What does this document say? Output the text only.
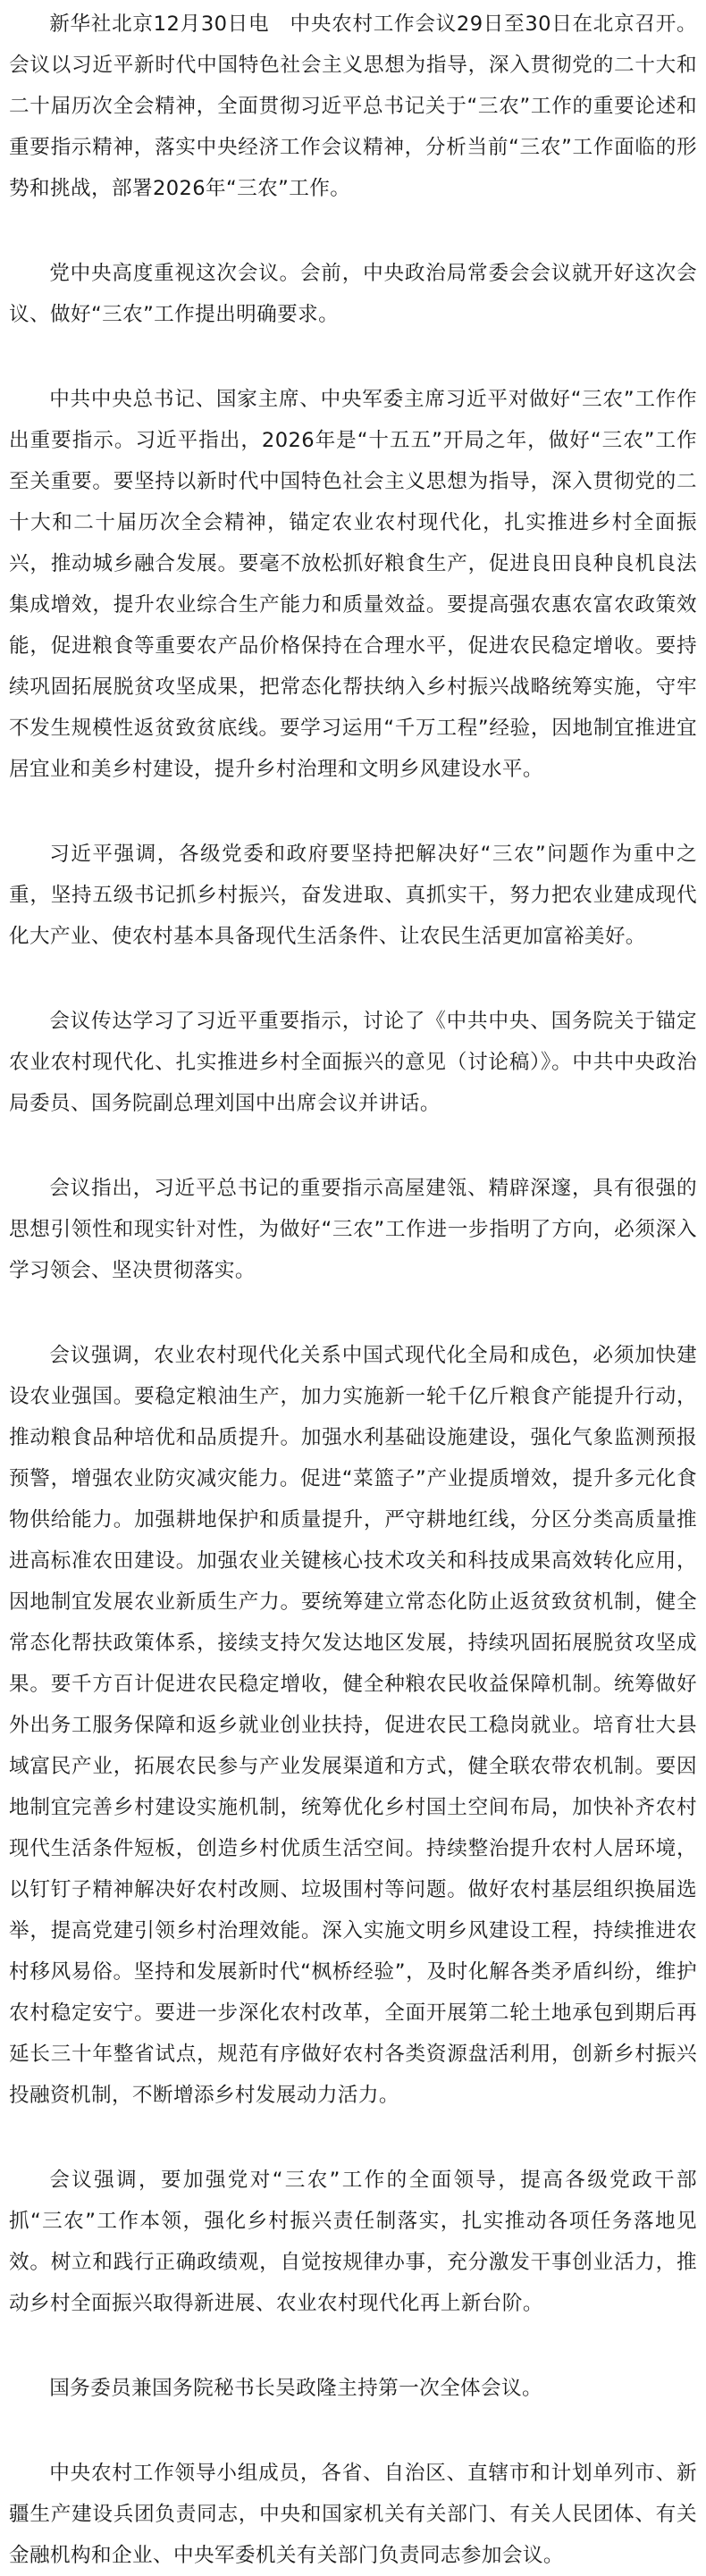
新华社北京12月30日电　中央农村工作会议29日至30日在北京召开。会议以习近平新时代中国特色社会主义思想为指导，深入贯彻党的二十大和二十届历次全会精神，全面贯彻习近平总书记关于“三农”工作的重要论述和重要指示精神，落实中央经济工作会议精神，分析当前“三农”工作面临的形势和挑战，部署2026年“三农”工作。

党中央高度重视这次会议。会前，中央政治局常委会会议就开好这次会议、做好“三农”工作提出明确要求。

中共中央总书记、国家主席、中央军委主席习近平对做好“三农”工作作出重要指示。习近平指出，2026年是“十五五”开局之年，做好“三农”工作至关重要。要坚持以新时代中国特色社会主义思想为指导，深入贯彻党的二十大和二十届历次全会精神，锚定农业农村现代化，扎实推进乡村全面振兴，推动城乡融合发展。要毫不放松抓好粮食生产，促进良田良种良机良法集成增效，提升农业综合生产能力和质量效益。要提高强农惠农富农政策效能，促进粮食等重要农产品价格保持在合理水平，促进农民稳定增收。要持续巩固拓展脱贫攻坚成果，把常态化帮扶纳入乡村振兴战略统筹实施，守牢不发生规模性返贫致贫底线。要学习运用“千万工程”经验，因地制宜推进宜居宜业和美乡村建设，提升乡村治理和文明乡风建设水平。

习近平强调，各级党委和政府要坚持把解决好“三农”问题作为重中之重，坚持五级书记抓乡村振兴，奋发进取、真抓实干，努力把农业建成现代化大产业、使农村基本具备现代生活条件、让农民生活更加富裕美好。

会议传达学习了习近平重要指示，讨论了《中共中央、国务院关于锚定农业农村现代化、扎实推进乡村全面振兴的意见（讨论稿）》。中共中央政治局委员、国务院副总理刘国中出席会议并讲话。

会议指出，习近平总书记的重要指示高屋建瓴、精辟深邃，具有很强的思想引领性和现实针对性，为做好“三农”工作进一步指明了方向，必须深入学习领会、坚决贯彻落实。

会议强调，农业农村现代化关系中国式现代化全局和成色，必须加快建设农业强国。要稳定粮油生产，加力实施新一轮千亿斤粮食产能提升行动，推动粮食品种培优和品质提升。加强水利基础设施建设，强化气象监测预报预警，增强农业防灾减灾能力。促进“菜篮子”产业提质增效，提升多元化食物供给能力。加强耕地保护和质量提升，严守耕地红线，分区分类高质量推进高标准农田建设。加强农业关键核心技术攻关和科技成果高效转化应用，因地制宜发展农业新质生产力。要统筹建立常态化防止返贫致贫机制，健全常态化帮扶政策体系，接续支持欠发达地区发展，持续巩固拓展脱贫攻坚成果。要千方百计促进农民稳定增收，健全种粮农民收益保障机制。统筹做好外出务工服务保障和返乡就业创业扶持，促进农民工稳岗就业。培育壮大县域富民产业，拓展农民参与产业发展渠道和方式，健全联农带农机制。要因地制宜完善乡村建设实施机制，统筹优化乡村国土空间布局，加快补齐农村现代生活条件短板，创造乡村优质生活空间。持续整治提升农村人居环境，以钉钉子精神解决好农村改厕、垃圾围村等问题。做好农村基层组织换届选举，提高党建引领乡村治理效能。深入实施文明乡风建设工程，持续推进农村移风易俗。坚持和发展新时代“枫桥经验”，及时化解各类矛盾纠纷，维护农村稳定安宁。要进一步深化农村改革，全面开展第二轮土地承包到期后再延长三十年整省试点，规范有序做好农村各类资源盘活利用，创新乡村振兴投融资机制，不断增添乡村发展动力活力。

会议强调，要加强党对“三农”工作的全面领导，提高各级党政干部抓“三农”工作本领，强化乡村振兴责任制落实，扎实推动各项任务落地见效。树立和践行正确政绩观，自觉按规律办事，充分激发干事创业活力，推动乡村全面振兴取得新进展、农业农村现代化再上新台阶。

国务委员兼国务院秘书长吴政隆主持第一次全体会议。

中央农村工作领导小组成员，各省、自治区、直辖市和计划单列市、新疆生产建设兵团负责同志，中央和国家机关有关部门、有关人民团体、有关金融机构和企业、中央军委机关有关部门负责同志参加会议。
